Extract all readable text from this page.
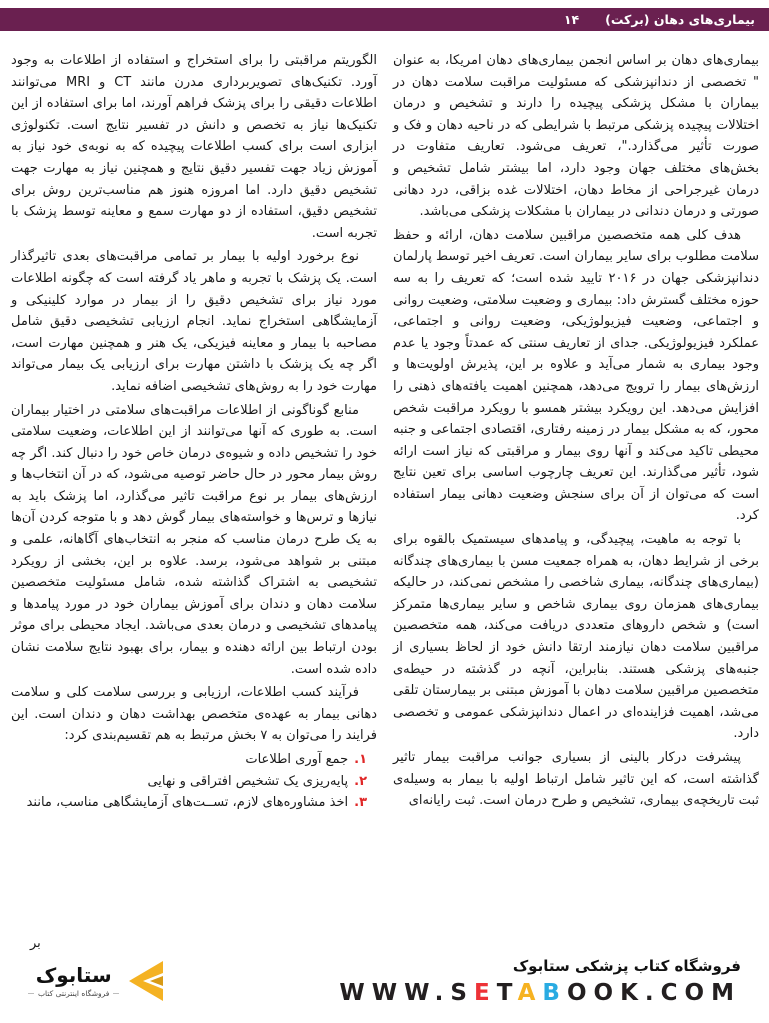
بیماری‌های دهان (برکت)
۱۴

بیماری‌های دهان بر اساس انجمن بیماری‌های دهان امریکا، به عنوان " تخصصی از دندانپزشکی که مسئولیت مراقبت سلامت دهان در بیماران با مشکل پزشکی پیچیده را دارند و تشخیص و درمان اختلالات پیچیده پزشکی مرتبط با شرایطی که در ناحیه دهان و فک و صورت تأثیر می‌گذارد."، تعریف می‌شود. تعاریف متفاوت در بخش‌های مختلف جهان وجود دارد، اما بیشتر شامل تشخیص و درمان غیرجراحی از مخاط دهان، اختلالات غده بزاقی، درد دهانی صورتی و درمان دندانی در بیماران با مشکلات پزشکی می‌باشد.

هدف کلی همه متخصصین مراقبین سلامت دهان، ارائه و حفظ سلامت مطلوب برای سایر بیماران است. تعریف اخیر توسط پارلمان دندانپزشکی جهان در ۲۰۱۶ تایید شده است؛ که تعریف را به سه حوزه مختلف گسترش داد: بیماری و وضعیت سلامتی، وضعیت روانی و اجتماعی، وضعیت فیزیولوژیکی، وضعیت روانی و اجتماعی، عملکرد فیزیولوژیکی. جدای از تعاریف سنتی که عمدتاً وجود یا عدم وجود بیماری به شمار می‌آید و علاوه بر این، پذیرش اولویت‌ها و ارزش‌های بیمار را ترویج می‌دهد، همچنین اهمیت یافته‌های ذهنی را افزایش می‌دهد. این رویکرد بیشتر همسو با رویکرد مراقبت شخص محور، که به مشکل بیمار در زمینه رفتاری، اقتصادی اجتماعی و جنبه محیطی تاکید می‌کند و آنها روی بیمار و مراقبتی که نیاز است ارائه شود، تأثیر می‌گذارند. این تعریف چارچوب اساسی برای تعین نتایج است که می‌توان از آن برای سنجش وضعیت دهانی بیمار استفاده کرد.

با توجه به ماهیت، پیچیدگی، و پیامدهای سیستمیک بالقوه برای برخی از شرایط دهان، به همراه جمعیت مسن با بیماری‌های چندگانه (بیماری‌های چندگانه، بیماری شاخصی را مشخص نمی‌کند، در حالیکه بیماری‌های همزمان روی بیماری شاخص و سایر بیماری‌ها متمرکز است) و شخص داروهای متعددی دریافت می‌کند، همه متخصصین مراقبین سلامت دهان نیازمند ارتقا دانش خود از لحاظ بسیاری از جنبه‌های پزشکی هستند. بنابراین، آنچه در گذشته در حیطه‌ی متخصصین مراقبین سلامت دهان با آموزش مبتنی بر بیمارستان تلقی می‌شد، اهمیت فزاینده‌ای در اعمال دندانپزشکی عمومی و تخصصی دارد.

پیشرفت درکار بالینی از بسیاری جوانب مراقبت بیمار تاثیر گذاشته است، که این تاثیر شامل ارتباط اولیه با بیمار به وسیله‌ی ثبت تاریخچه‌ی بیماری، تشخیص و طرح درمان است. ثبت رایانه‌ای

الگوریتم مراقبتی را برای استخراج و استفاده از اطلاعات به وجود آورد. تکنیک‌های تصویربرداری مدرن مانند CT و MRI می‌توانند اطلاعات دقیقی را برای پزشک فراهم آورند، اما برای استفاده از این تکنیک‌ها نیاز به تخصص و دانش در تفسیر نتایج است. تکنولوژی ابزاری است برای کسب اطلاعات پیچیده که به نوبه‌ی خود نیاز به آموزش زیاد جهت تفسیر دقیق نتایج و همچنین نیاز به مهارت جهت تشخیص دقیق دارد. اما امروزه هنوز هم مناسب‌ترین روش برای تشخیص دقیق، استفاده از دو مهارت سمع و معاینه توسط پزشک با تجربه است.

نوع برخورد اولیه با بیمار بر تمامی مراقبت‌های بعدی تاثیرگذار است. یک پزشک با تجربه و ماهر یاد گرفته است که چگونه اطلاعات مورد نیاز برای تشخیص دقیق را از بیمار در موارد کلینیکی و آزمایشگاهی استخراج نماید. انجام ارزیابی تشخیصی دقیق شامل مصاحبه با بیمار و معاینه فیزیکی، یک هنر و همچنین مهارت است، اگر چه یک پزشک با داشتن مهارت برای ارزیابی یک بیمار می‌تواند مهارت خود را به روش‌های تشخیصی اضافه نماید.

منابع گوناگونی از اطلاعات مراقبت‌های سلامتی در اختیار بیماران است. به طوری که آنها می‌توانند از این اطلاعات، وضعیت سلامتی خود را تشخیص داده و شیوه‌ی درمان خاص خود را دنبال کند. اگر چه روش بیمار محور در حال حاضر توصیه می‌شود، که در آن انتخاب‌ها و ارزش‌های بیمار بر نوع مراقبت تاثیر می‌گذارد، اما پزشک باید به نیازها و ترس‌ها و خواسته‌های بیمار گوش دهد و با متوجه کردن آن‌ها به یک طرح درمان مناسب که منجر به انتخاب‌های آگاهانه، علمی و مبتنی بر شواهد می‌شود، برسد. علاوه بر این، بخشی از رویکرد تشخیصی به اشتراک گذاشته شده، شامل مسئولیت متخصصین سلامت دهان و دندان برای آموزش بیماران خود در مورد پیامدها و پیامدهای تشخیصی و درمان بعدی می‌باشد. ایجاد محیطی برای موثر بودن ارتباط بین ارائه دهنده و بیمار، برای بهبود نتایج سلامت نشان داده شده است.

فرآیند کسب اطلاعات، ارزیابی و بررسی سلامت کلی و سلامت دهانی بیمار به عهده‌ی متخصص بهداشت دهان و دندان است. این فرایند را می‌توان به ۷ بخش مرتبط به هم تقسیم‌بندی کرد:

۱.
جمع آوری اطلاعات
۲.
پایه‌ریزی یک تشخیص افتراقی و نهایی
۳.
اخذ مشاوره‌های لازم، تســت‌های آزمایشگاهی مناسب، مانند
بر
ستابوک
فروشگاه اینترنتی کتاب
فروشگاه کتاب پزشکی ستابوک
WWW.SETABOOK.COM
